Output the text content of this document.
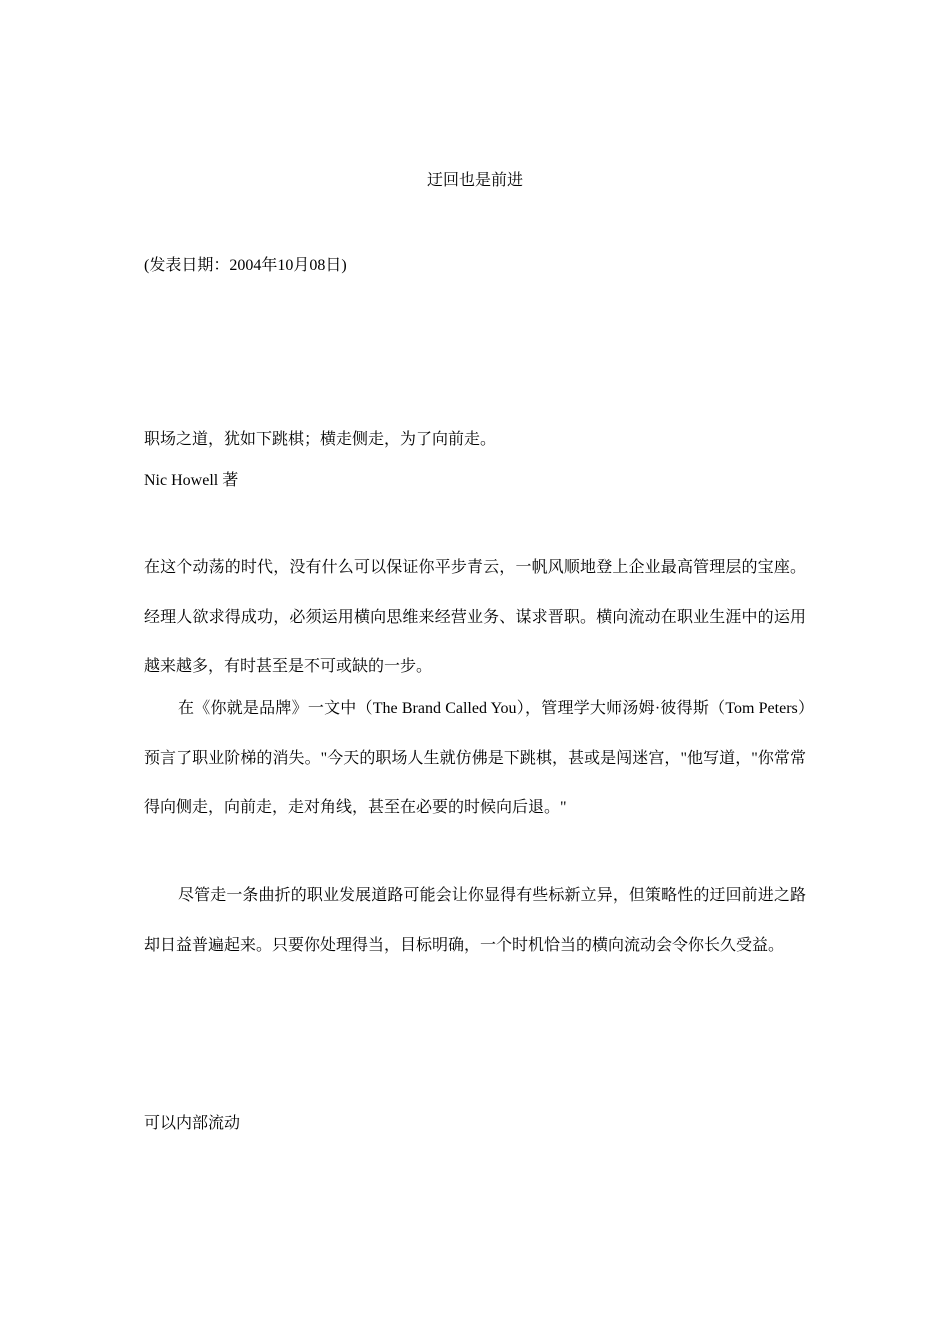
迂回也是前进
(发表日期：2004年10月08日)
职场之道，犹如下跳棋；横走侧走，为了向前走。
Nic Howell 著

在这个动荡的时代，没有什么可以保证你平步青云，一帆风顺地登上企业最高管理层的宝座。经理人欲求得成功，必须运用横向思维来经营业务、谋求晋职。横向流动在职业生涯中的运用越来越多，有时甚至是不可或缺的一步。

在《你就是品牌》一文中（The Brand Called You），管理学大师汤姆·彼得斯（Tom Peters）预言了职业阶梯的消失。"今天的职场人生就仿佛是下跳棋，甚或是闯迷宫，"他写道，"你常常得向侧走，向前走，走对角线，甚至在必要的时候向后退。"

尽管走一条曲折的职业发展道路可能会让你显得有些标新立异，但策略性的迂回前进之路却日益普遍起来。只要你处理得当，目标明确，一个时机恰当的横向流动会令你长久受益。

可以内部流动
